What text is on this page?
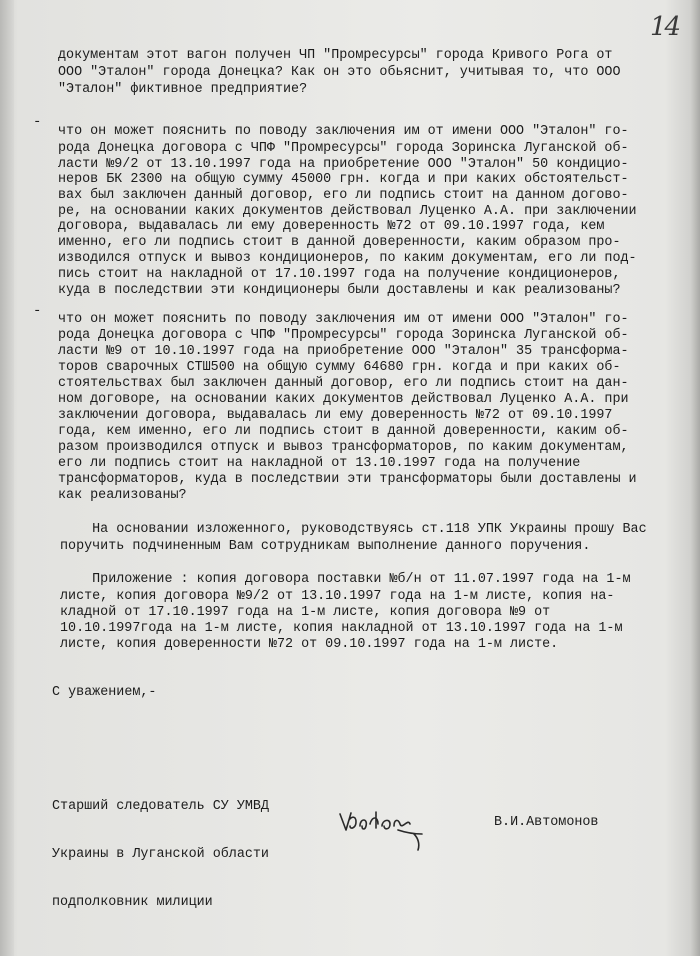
14
документам этот вагон получен ЧП "Промресурсы" города Кривого Рога от
ООО "Эталон" города Донецка? Как он это обьяснит, учитывая то, что ООО
"Эталон" фиктивное предприятие?
-
что он может пояснить по поводу заключения им от имени ООО "Эталон" го-
рода Донецка договора с ЧПФ "Промресурсы" города Зоринска Луганской об-
ласти №9/2 от 13.10.1997 года на приобретение ООО "Эталон" 50 кондицио-
неров БК 2300 на общую сумму 45000 грн. когда и при каких обстоятельст-
вах был заключен данный договор, его ли подпись стоит на данном догово-
ре, на основании каких документов действовал Луценко А.А. при заключении
договора, выдавалась ли ему доверенность №72 от 09.10.1997 года, кем
именно, его ли подпись стоит в данной доверенности, каким образом про-
изводился отпуск и вывоз кондиционеров, по каким документам, его ли под-
пись стоит на накладной от 17.10.1997 года на получение кондиционеров,
куда в последствии эти кондиционеры были доставлены и как реализованы?
-
что он может пояснить по поводу заключения им от имени ООО "Эталон" го-
рода Донецка договора с ЧПФ "Промресурсы" города Зоринска Луганской об-
ласти №9 от 10.10.1997 года на приобретение ООО "Эталон" 35 трансформа-
торов сварочных СТШ500 на общую сумму 64680 грн. когда и при каких об-
стоятельствах был заключен данный договор, его ли подпись стоит на дан-
ном договоре, на основании каких документов действовал Луценко А.А. при
заключении договора, выдавалась ли ему доверенность №72 от 09.10.1997
года, кем именно, его ли подпись стоит в данной доверенности, каким об-
разом производился отпуск и вывоз трансформаторов, по каким документам,
его ли подпись стоит на накладной от 13.10.1997 года на получение
трансформаторов, куда в последствии эти трансформаторы были доставлены и
как реализованы?
На основании изложенного, руководствуясь ст.118 УПК Украины прошу Вас
поручить подчиненным Вам сотрудникам выполнение данного поручения.
Приложение : копия договора поставки №б/н от 11.07.1997 года на 1-м
листе, копия договора №9/2 от 13.10.1997 года на 1-м листе, копия на-
кладной от 17.10.1997 года на 1-м листе, копия договора №9 от
10.10.1997года на 1-м листе, копия накладной от 13.10.1997 года на 1-м
листе, копия доверенности №72 от 09.10.1997 года на 1-м листе.
С уважением,-

Старший следователь СУ УМВД

Украины в Луганской области

подполковник милиции

В.И.Автомонов
